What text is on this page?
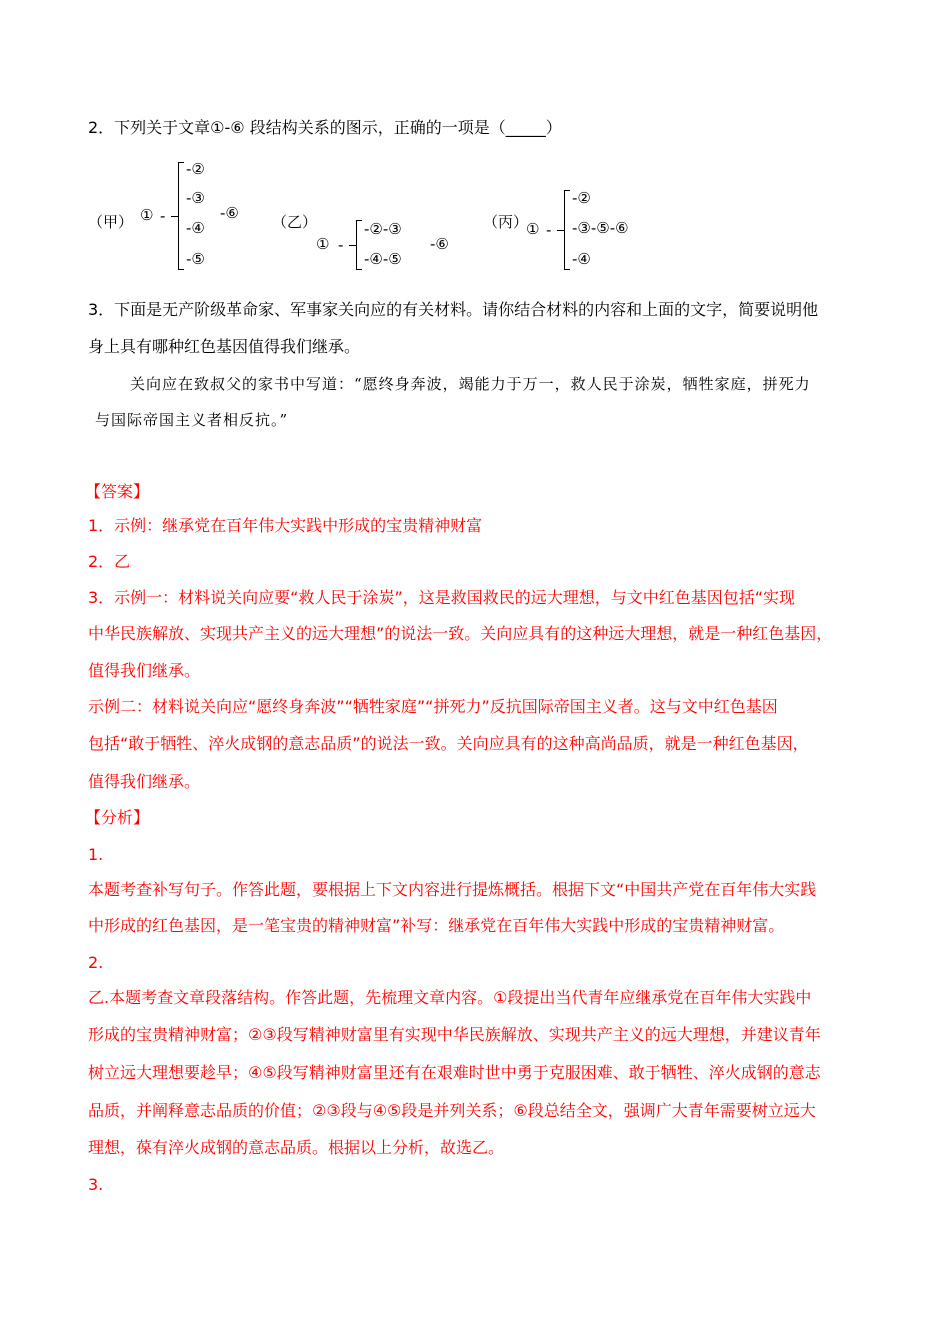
2．下列关于文章①-⑥ 段结构关系的图示，正确的一项是（_____）
（甲） ① -
-②
-③
-④
-⑤
-⑥ （乙）
① -
-②-③
-④-⑤
-⑥
（丙）
① -
-②
-③-⑤-⑥
-④
3．下面是无产阶级革命家、军事家关向应的有关材料。请你结合材料的内容和上面的文字，简要说明他
身上具有哪种红色基因值得我们继承。
关向应在致叔父的家书中写道：“愿终身奔波，竭能力于万一，救人民于涂炭，牺牲家庭，拼死力
与国际帝国主义者相反抗。”
【答案】
1．示例：继承党在百年伟大实践中形成的宝贵精神财富
2．乙
3．示例一：材料说关向应要“救人民于涂炭”，这是救国救民的远大理想，与文中红色基因包括“实现
中华民族解放、实现共产主义的远大理想”的说法一致。关向应具有的这种远大理想，就是一种红色基因，
值得我们继承。
示例二：材料说关向应“愿终身奔波”“牺牲家庭”“拼死力”反抗国际帝国主义者。这与文中红色基因
包括“敢于牺牲、淬火成钢的意志品质”的说法一致。关向应具有的这种高尚品质，就是一种红色基因，
值得我们继承。
【分析】
1.
本题考查补写句子。作答此题，要根据上下文内容进行提炼概括。根据下文“中国共产党在百年伟大实践
中形成的红色基因，是一笔宝贵的精神财富”补写：继承党在百年伟大实践中形成的宝贵精神财富。
2.
乙.本题考查文章段落结构。作答此题，先梳理文章内容。①段提出当代青年应继承党在百年伟大实践中
形成的宝贵精神财富；②③段写精神财富里有实现中华民族解放、实现共产主义的远大理想，并建议青年
树立远大理想要趁早；④⑤段写精神财富里还有在艰难时世中勇于克服困难、敢于牺牲、淬火成钢的意志
品质，并阐释意志品质的价值；②③段与④⑤段是并列关系；⑥段总结全文，强调广大青年需要树立远大
理想，葆有淬火成钢的意志品质。根据以上分析，故选乙。
3.
